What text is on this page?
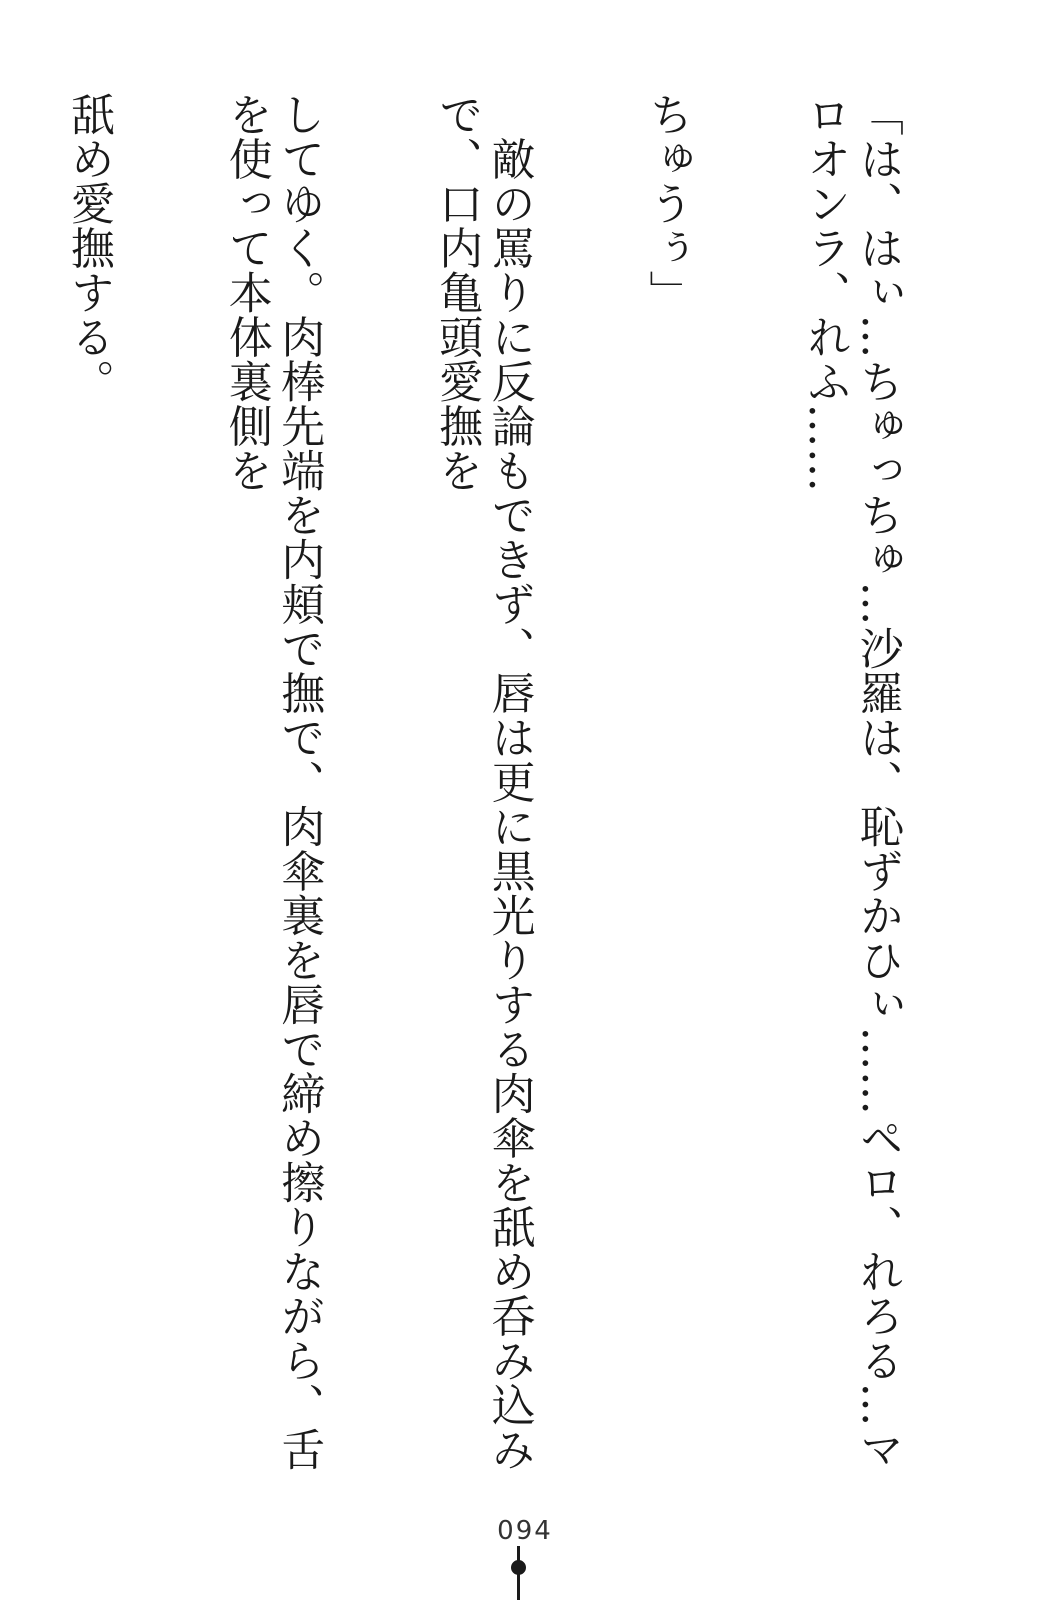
「は、はぃ…ちゅっちゅ…沙羅は、恥ずかひぃ……ペロ、れろる…マロオンラ、れふ……

ちゅうぅ」

　敵の罵りに反論もできず、唇は更に黒光りする肉傘を舐め呑み込みで、口内亀頭愛撫を

してゆく。肉棒先端を内頬で撫で、肉傘裏を唇で締め擦りながら、舌を使って本体裏側を

舐め愛撫する。

094
